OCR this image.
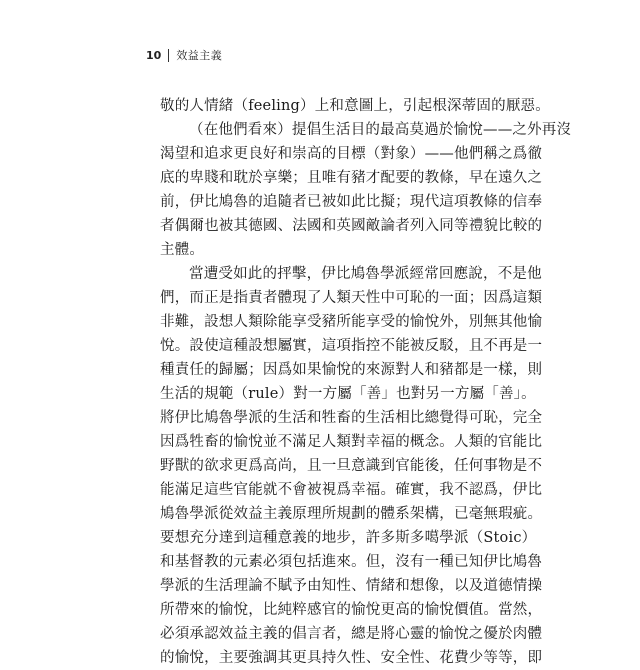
10 效益主義
敬的人情緒（feeling）上和意圖上，引起根深蒂固的厭惡。
（在他們看來）提倡生活目的最高莫過於愉悅——之外再沒
渴望和追求更良好和崇高的目標（對象）——他們稱之爲徹
底的卑賤和耽於享樂；且唯有豬才配要的教條，早在遠久之
前，伊比鳩魯的追隨者已被如此比擬；現代這項教條的信奉
者偶爾也被其德國、法國和英國敵論者列入同等禮貌比較的
主體。
當遭受如此的抨擊，伊比鳩魯學派經常回應說，不是他
們，而正是指責者體現了人類天性中可恥的一面；因爲這類
非難，設想人類除能享受豬所能享受的愉悅外，別無其他愉
悅。設使這種設想屬實，這項指控不能被反駁，且不再是一
種責任的歸屬；因爲如果愉悅的來源對人和豬都是一樣，則
生活的規範（rule）對一方屬「善」也對另一方屬「善」。
將伊比鳩魯學派的生活和牲畜的生活相比總覺得可恥，完全
因爲牲畜的愉悅並不滿足人類對幸福的概念。人類的官能比
野獸的欲求更爲高尚，且一旦意識到官能後，任何事物是不
能滿足這些官能就不會被視爲幸福。確實，我不認爲，伊比
鳩魯學派從效益主義原理所規劃的體系架構，已毫無瑕疵。
要想充分達到這種意義的地步，許多斯多噶學派（Stoic）
和基督教的元素必須包括進來。但，沒有一種已知伊比鳩魯
學派的生活理論不賦予由知性、情緒和想像，以及道德情操
所帶來的愉悅，比純粹感官的愉悅更高的愉悅價值。當然，
必須承認效益主義的倡言者，總是將心靈的愉悅之優於肉體
的愉悅，主要強調其更具持久性、安全性、花費少等等，即
